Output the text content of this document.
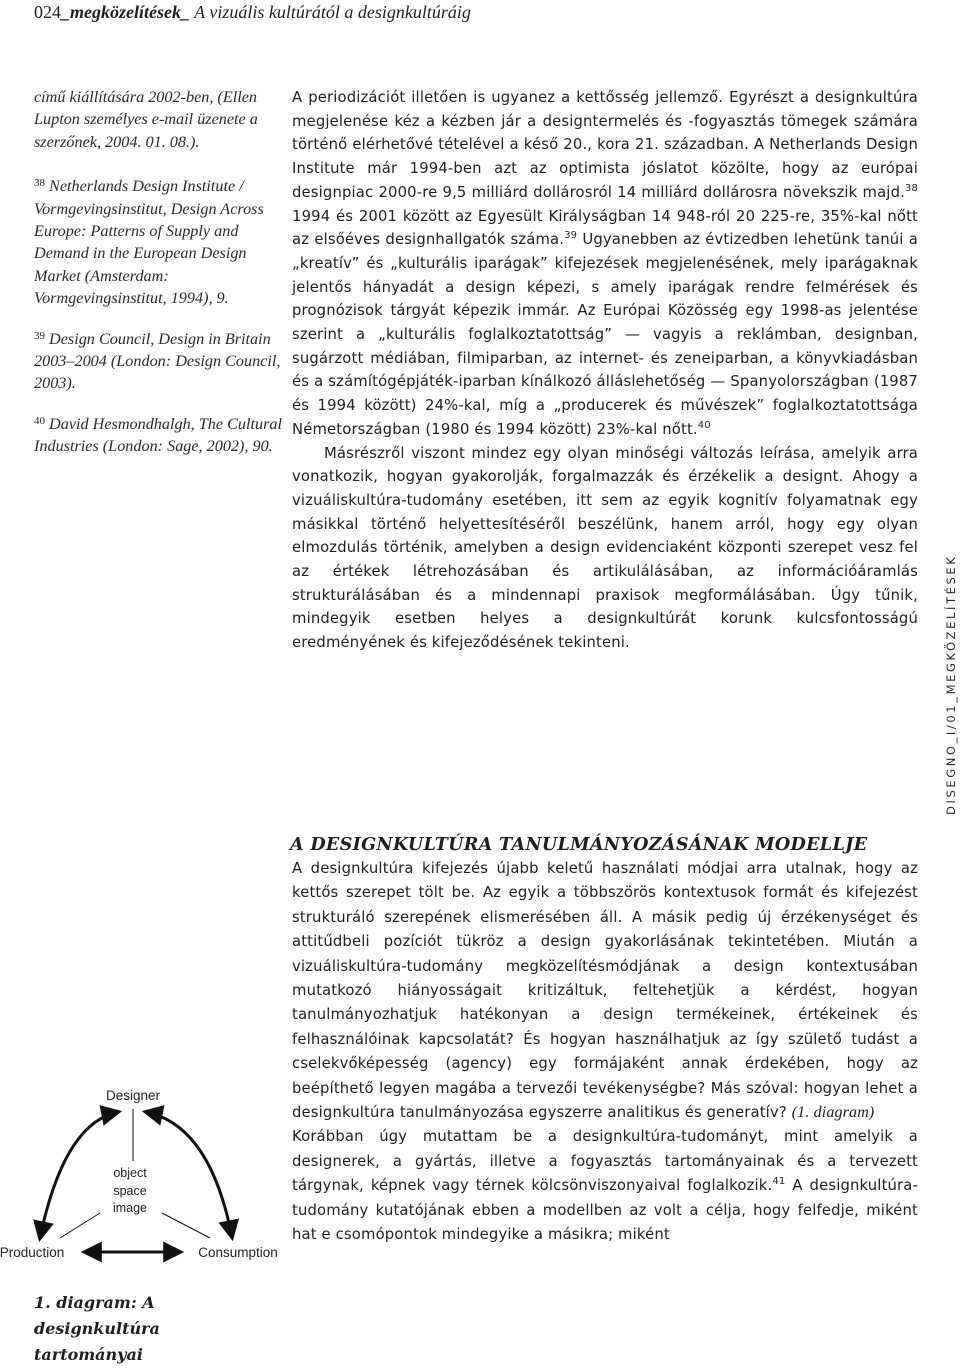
024_megközelítések_ A vizuális kultúrától a designkultúráig

című kiállítására 2002-ben, (Ellen Lupton személyes e-mail üzenete a szerzőnek, 2004. 01. 08.).

$^{38}$ Netherlands Design Institute / Vormgevingsinstitut, Design Across Europe: Patterns of Supply and Demand in the European Design Market (Amsterdam: Vormgevingsinstitut, 1994), 9.

$^{39}$ Design Council, Design in Britain 2003–2004 (London: Design Council, 2003).

$^{40}$ David Hesmondhalgh, The Cultural Industries (London: Sage, 2002), 90.

A periodizációt illetően is ugyanez a kettősség jellemző. Egyrészt a designkultúra megjelenése kéz a kézben jár a designtermelés és -fogyasztás tömegek számára történő elérhetővé tételével a késő 20., kora 21. században. A Netherlands Design Institute már 1994-ben azt az optimista jóslatot közölte, hogy az európai designpiac 2000-re 9,5 milliárd dollárosról 14 milliárd dollárosra növekszik majd.$^{38}$ 1994 és 2001 között az Egyesült Királyságban 14 948-ról 20 225-re, 35%-kal nőtt az elsőéves designhallgatók száma.$^{39}$ Ugyanebben az évtizedben lehetünk tanúi a „kreatív” és „kulturális iparágak” kifejezések megjelenésének, mely iparágaknak jelentős hányadát a design képezi, s amely iparágak rendre felmérések és prognózisok tárgyát képezik immár. Az Európai Közösség egy 1998-as jelentése szerint a „kulturális foglalkoztatottság” — vagyis a reklámban, designban, sugárzott médiában, filmiparban, az internet- és zeneiparban, a könyvkiadásban és a számítógépjáték-iparban kínálkozó álláslehetőség — Spanyolországban (1987 és 1994 között) 24%-kal, míg a „producerek és művészek” foglalkoztatottsága Németországban (1980 és 1994 között) 23%-kal nőtt.$^{40}$

Másrészről viszont mindez egy olyan minőségi változás leírása, amelyik arra vonatkozik, hogyan gyakorolják, forgalmazzák és érzékelik a designt. Ahogy a vizuáliskultúra-tudomány esetében, itt sem az egyik kognitív folyamatnak egy másikkal történő helyettesítéséről beszélünk, hanem arról, hogy egy olyan elmozdulás történik, amelyben a design evidenciaként központi szerepet vesz fel az értékek létrehozásában és artikulálásában, az információáramlás strukturálásában és a mindennapi praxisok megformálásában. Úgy tűnik, mindegyik esetben helyes a designkultúrát korunk kulcsfontosságú eredményének és kifejeződésének tekinteni.

A DESIGNKULTÚRA TANULMÁNYOZÁSÁNAK MODELLJE

A designkultúra kifejezés újabb keletű használati módjai arra utalnak, hogy az kettős szerepet tölt be. Az egyik a többszörös kontextusok formát és kifejezést strukturáló szerepének elismerésében áll. A másik pedig új érzékenységet és attitűdbeli pozíciót tükröz a design gyakorlásának tekintetében. Miután a vizuáliskultúra-tudomány megközelítésmódjának a design kontextusában mutatkozó hiányosságait kritizáltuk, feltehetjük a kérdést, hogyan tanulmányozhatjuk hatékonyan a design termékeinek, értékeinek és felhasználóinak kapcsolatát? És hogyan használhatjuk az így születő tudást a cselekvőképesség (agency) egy formájaként annak érdekében, hogy az beépíthető legyen magába a tervezői tevékenységbe? Más szóval: hogyan lehet a designkultúra tanulmányozása egyszerre analitikus és generatív? (1. diagram)

Korábban úgy mutattam be a designkultúra-tudományt, mint amelyik a designerek, a gyártás, illetve a fogyasztás tartományainak és a tervezett tárgynak, képnek vagy térnek kölcsönviszonyaival foglalkozik.$^{41}$ A designkultúra-tudomány kutatójának ebben a modellben az volt a célja, hogy felfedje, miként hat e csomópontok mindegyike a másikra; miként

DISEGNO_I/01_MEGKÖZELÍTÉSEK
Designer
Production	Consumption
object
space
image
1. diagram: A designkultúra tartományai
